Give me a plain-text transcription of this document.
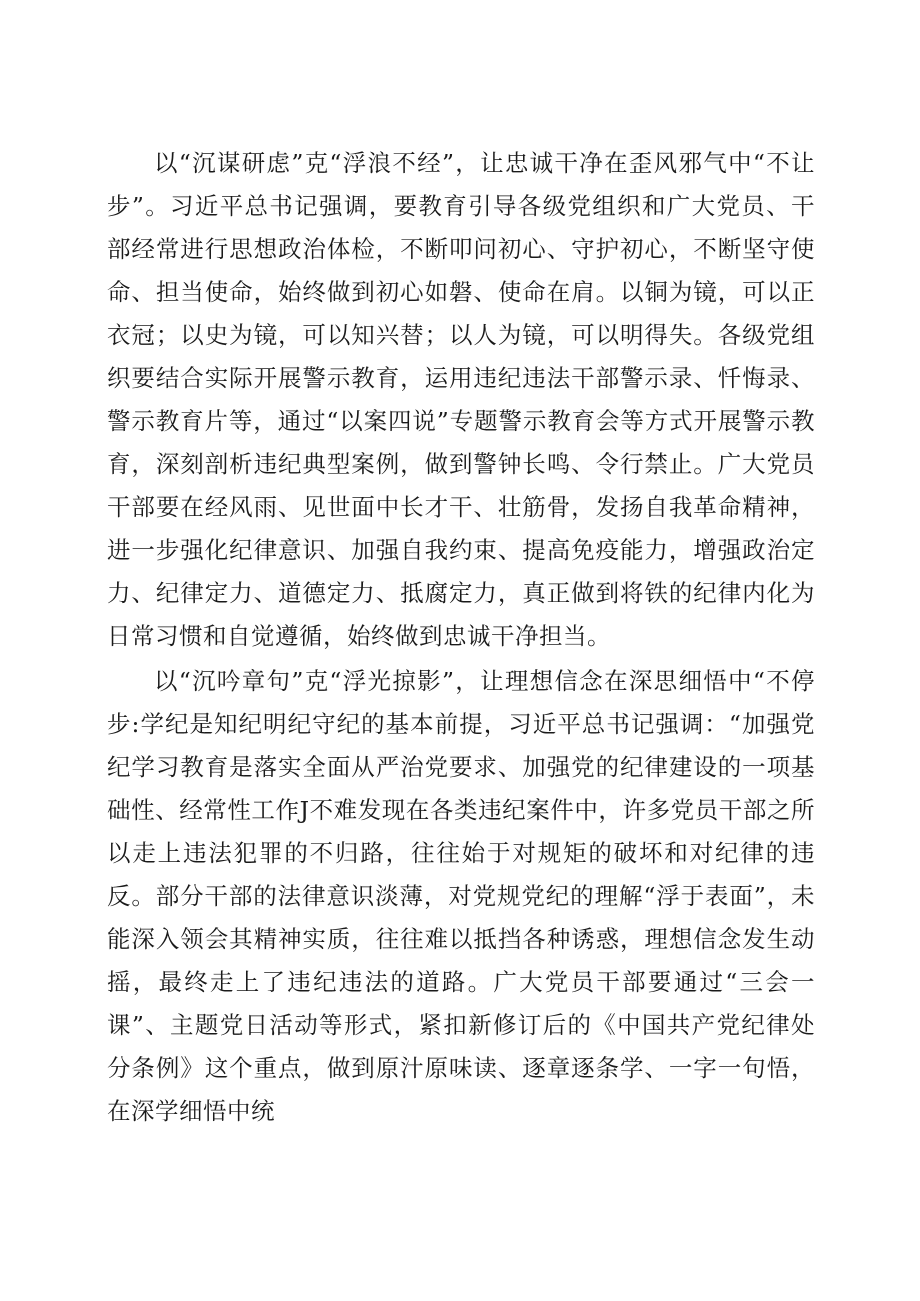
以“沉谋研虑”克“浮浪不经”，让忠诚干净在歪风邪气中“不让步”。习近平总书记强调，要教育引导各级党组织和广大党员、干部经常进行思想政治体检，不断叩问初心、守护初心，不断坚守使命、担当使命，始终做到初心如磐、使命在肩。以铜为镜，可以正衣冠；以史为镜，可以知兴替；以人为镜，可以明得失。各级党组织要结合实际开展警示教育，运用违纪违法干部警示录、忏悔录、警示教育片等，通过“以案四说”专题警示教育会等方式开展警示教育，深刻剖析违纪典型案例，做到警钟长鸣、令行禁止。广大党员干部要在经风雨、见世面中长才干、壮筋骨，发扬自我革命精神，进一步强化纪律意识、加强自我约束、提高免疫能力，增强政治定力、纪律定力、道德定力、抵腐定力，真正做到将铁的纪律内化为日常习惯和自觉遵循，始终做到忠诚干净担当。

以“沉吟章句”克“浮光掠影”，让理想信念在深思细悟中“不停步:学纪是知纪明纪守纪的基本前提，习近平总书记强调：“加强党纪学习教育是落实全面从严治党要求、加强党的纪律建设的一项基础性、经常性工作J不难发现在各类违纪案件中，许多党员干部之所以走上违法犯罪的不归路，往往始于对规矩的破坏和对纪律的违反。部分干部的法律意识淡薄，对党规党纪的理解“浮于表面”，未能深入领会其精神实质，往往难以抵挡各种诱惑，理想信念发生动摇，最终走上了违纪违法的道路。广大党员干部要通过“三会一课”、主题党日活动等形式，紧扣新修订后的《中国共产党纪律处分条例》这个重点，做到原汁原味读、逐章逐条学、一字一句悟，在深学细悟中统
